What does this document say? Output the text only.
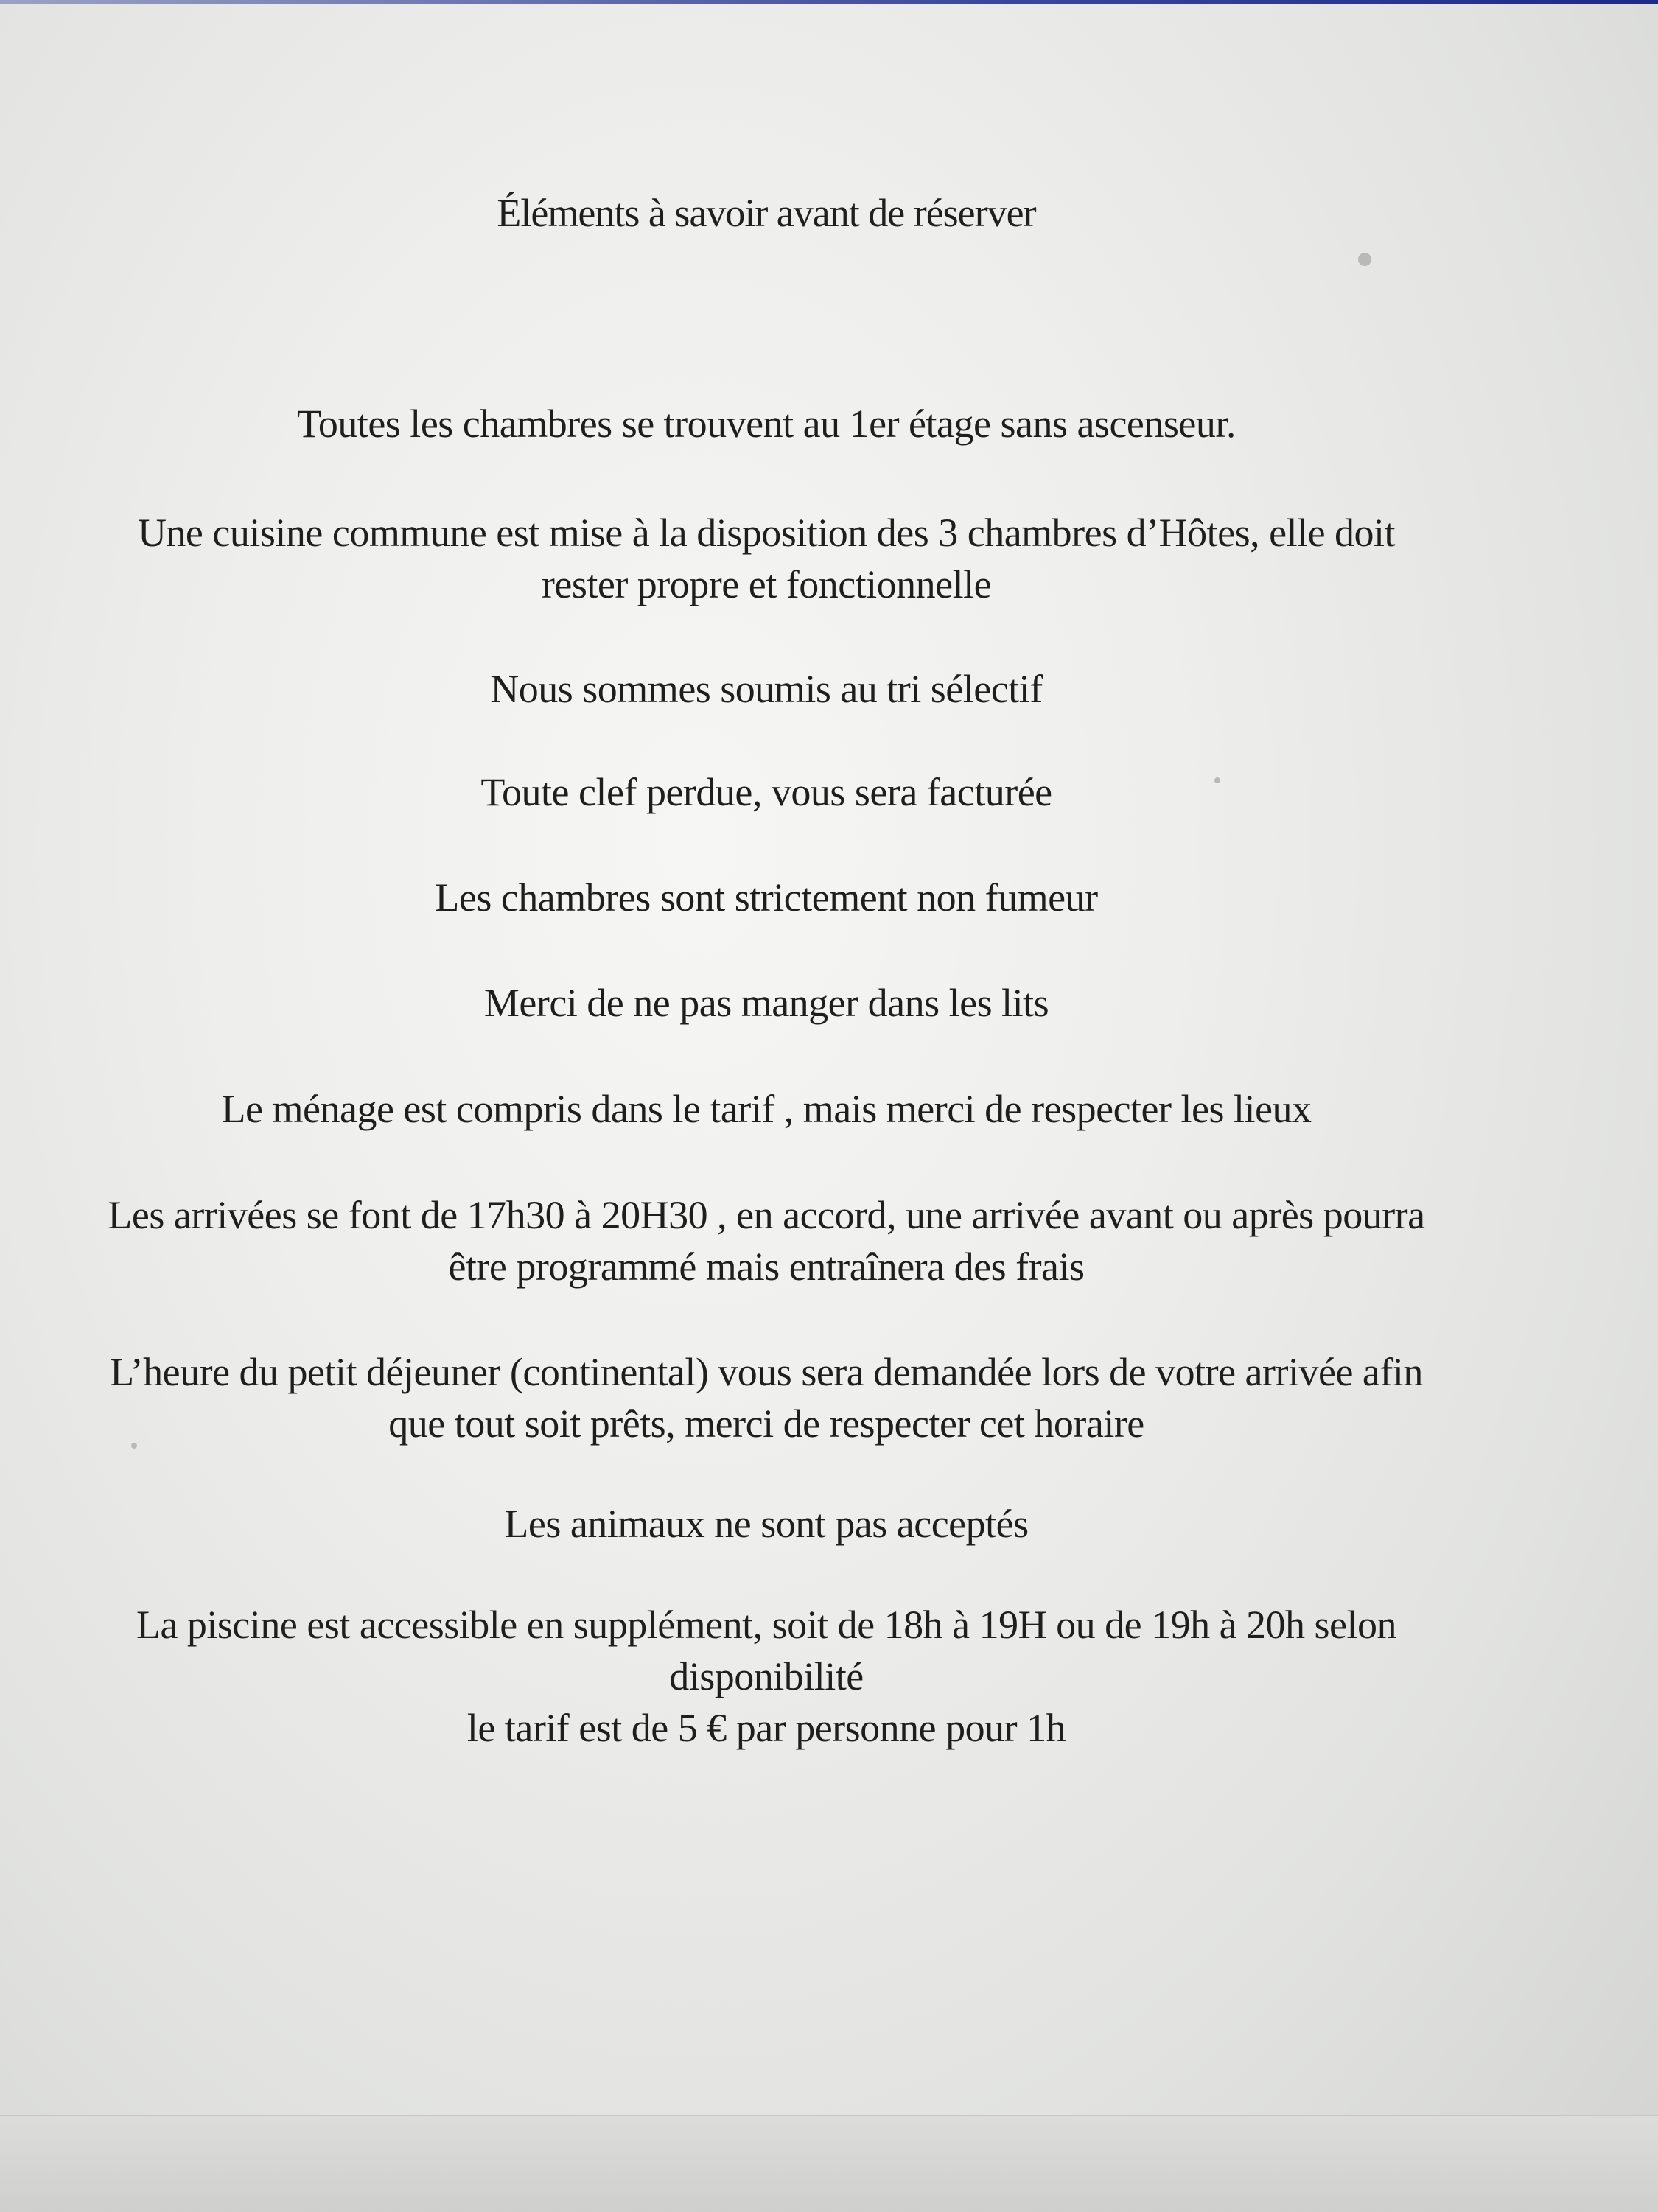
Éléments à savoir avant de réserver
Toutes les chambres se trouvent au 1er étage sans ascenseur.
Une cuisine commune est mise à la disposition des 3 chambres d’Hôtes, elle doit
rester propre et fonctionnelle
Nous sommes soumis au tri sélectif
Toute clef perdue, vous sera facturée
Les chambres sont strictement non fumeur
Merci de ne pas manger dans les lits
Le ménage est compris dans le tarif , mais merci de respecter les lieux
Les arrivées se font de 17h30 à 20H30 , en accord, une arrivée avant ou après pourra
être programmé mais entraînera des frais
L’heure du petit déjeuner (continental) vous sera demandée lors de votre arrivée afin
que tout soit prêts, merci de respecter cet horaire
Les animaux ne sont pas acceptés
La piscine est accessible en supplément, soit de 18h à 19H ou de 19h à 20h selon
disponibilité
le tarif est de 5 € par personne pour 1h
